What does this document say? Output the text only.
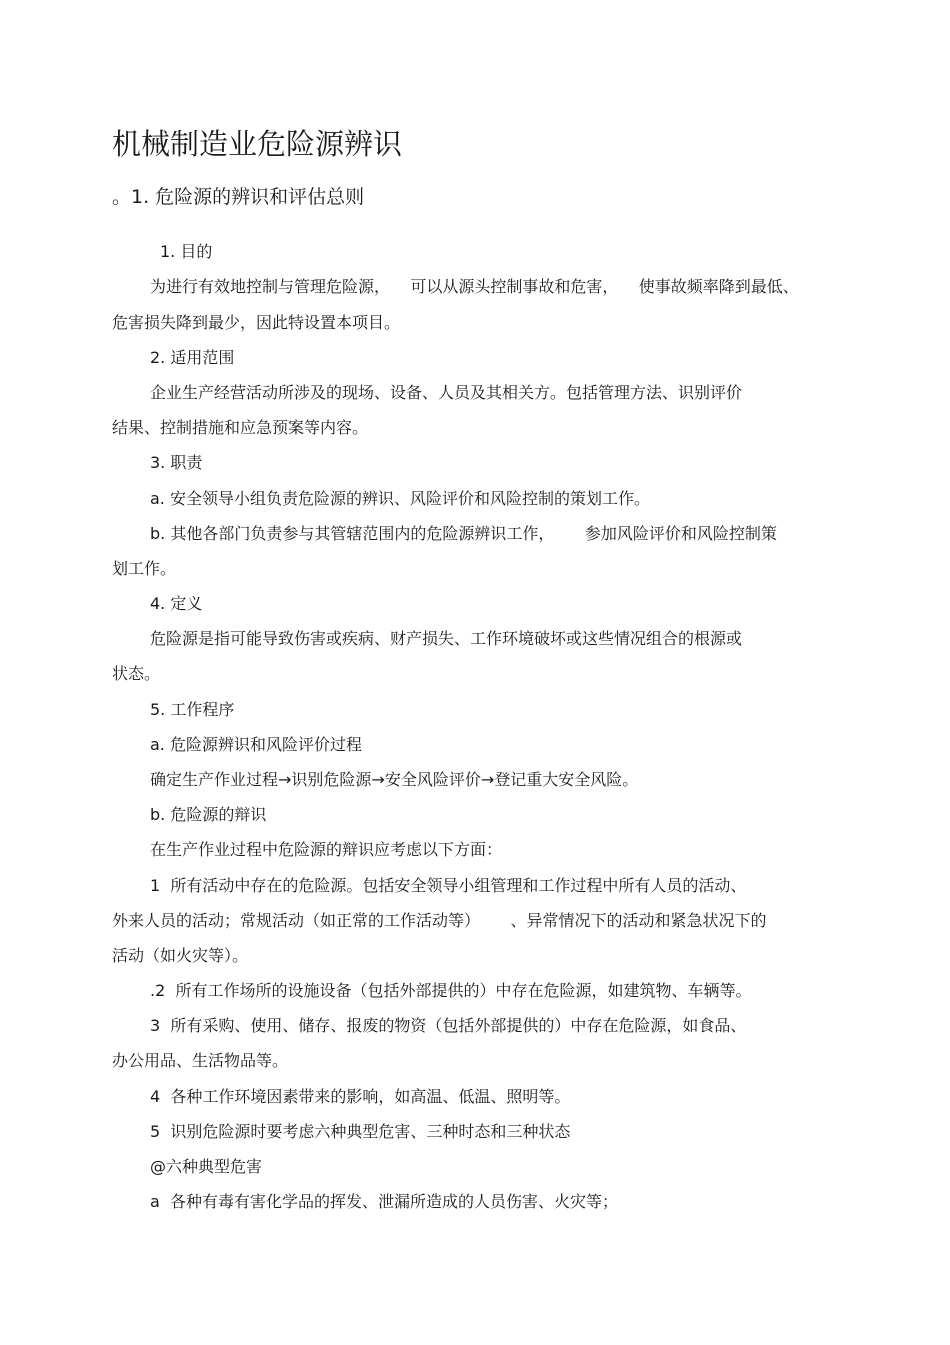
机械制造业危险源辨识
。1. 危险源的辨识和评估总则
1. 目的
为进行有效地控制与管理危险源，    可以从源头控制事故和危害，    使事故频率降到最低、
危害损失降到最少，因此特设置本项目。
2. 适用范围
企业生产经营活动所涉及的现场、设备、人员及其相关方。包括管理方法、识别评价
结果、控制措施和应急预案等内容。
3. 职责
a. 安全领导小组负责危险源的辨识、风险评价和风险控制的策划工作。
b. 其他各部门负责参与其管辖范围内的危险源辨识工作，      参加风险评价和风险控制策
划工作。
4. 定义
危险源是指可能导致伤害或疾病、财产损失、工作环境破坏或这些情况组合的根源或
状态。
5. 工作程序
a. 危险源辨识和风险评价过程
确定生产作业过程→识别危险源→安全风险评价→登记重大安全风险。
b. 危险源的辩识
在生产作业过程中危险源的辩识应考虑以下方面：
1  所有活动中存在的危险源。包括安全领导小组管理和工作过程中所有人员的活动、
外来人员的活动；常规活动（如正常的工作活动等）      、异常情况下的活动和紧急状况下的
活动（如火灾等）。
.2  所有工作场所的设施设备（包括外部提供的）中存在危险源，如建筑物、车辆等。
3  所有采购、使用、储存、报废的物资（包括外部提供的）中存在危险源，如食品、
办公用品、生活物品等。
4  各种工作环境因素带来的影响，如高温、低温、照明等。
5  识别危险源时要考虑六种典型危害、三种时态和三种状态
@六种典型危害
a  各种有毒有害化学品的挥发、泄漏所造成的人员伤害、火灾等；
